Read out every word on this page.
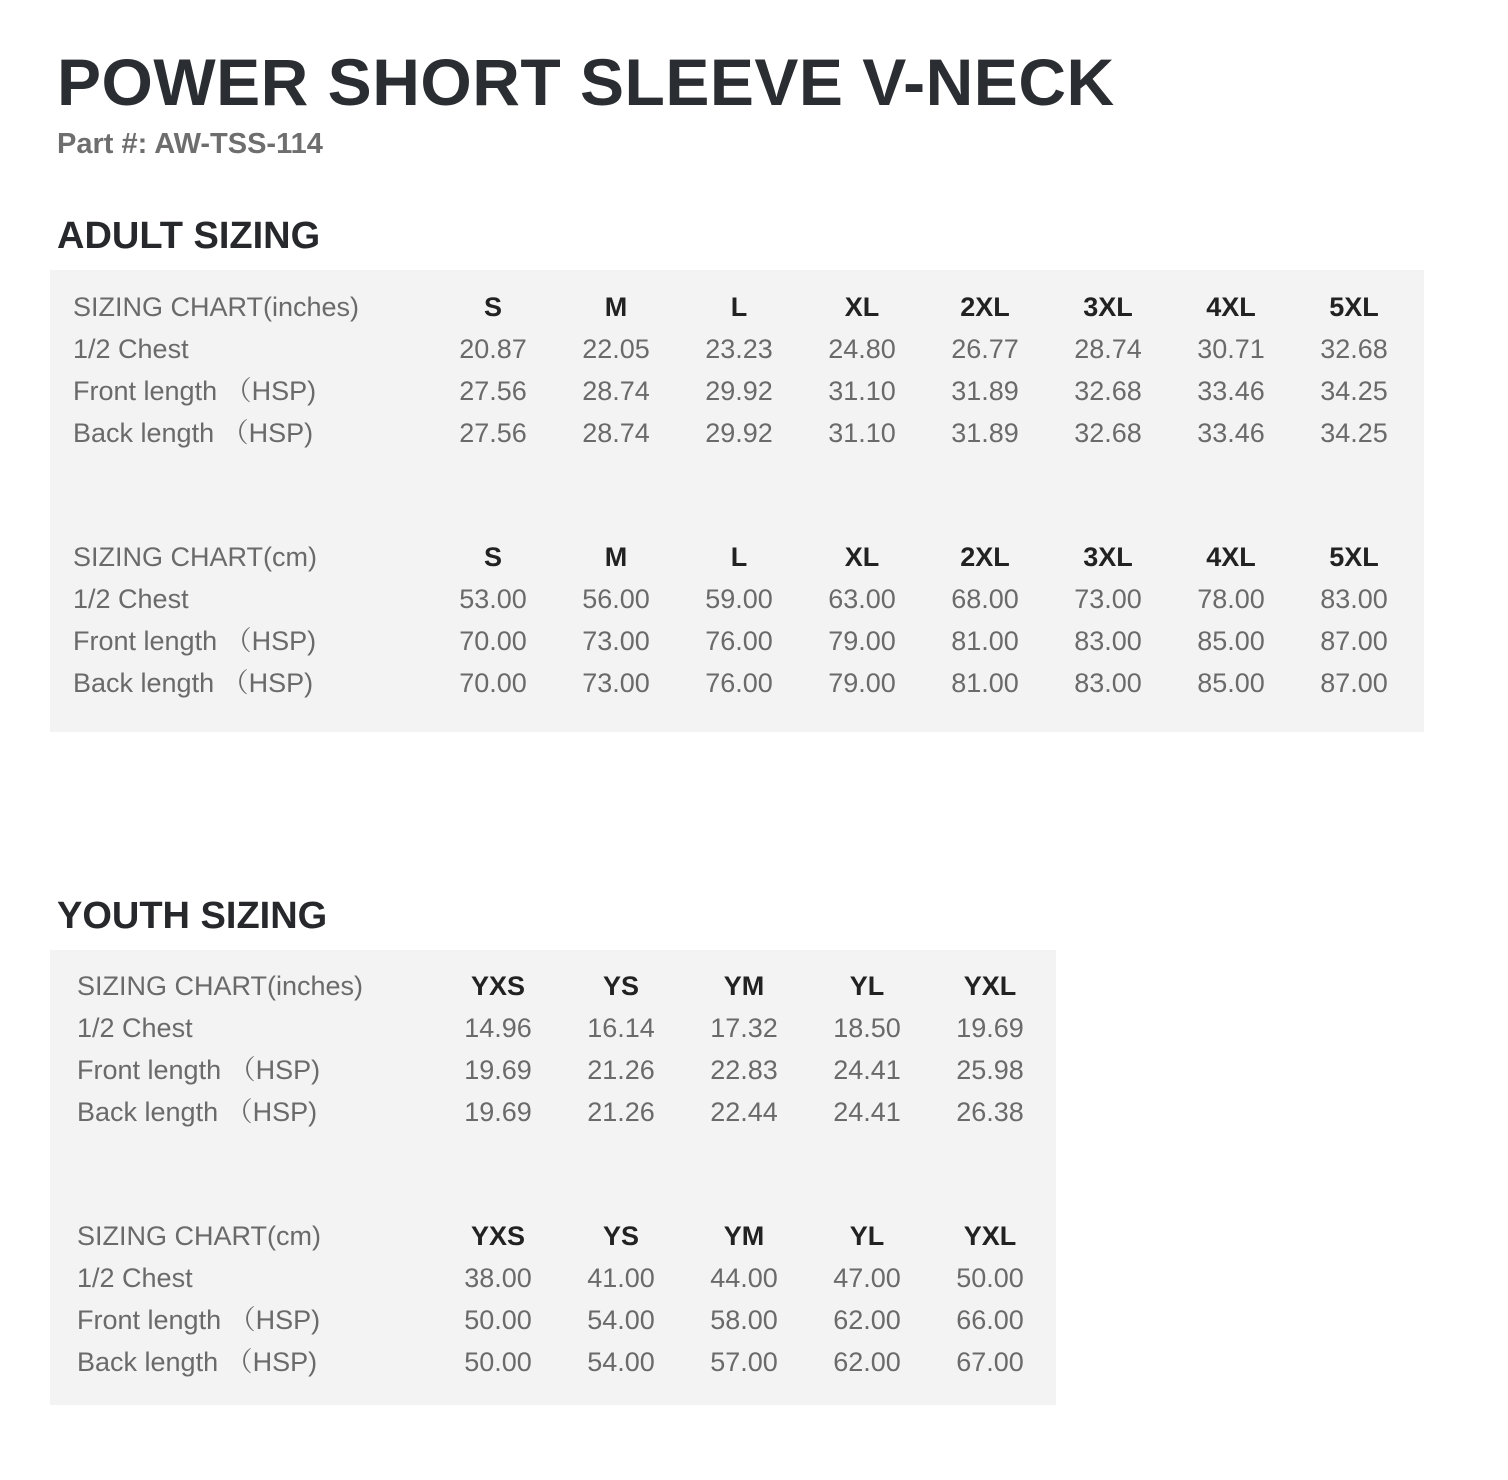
POWER SHORT SLEEVE V-NECK
Part #: AW-TSS-114
ADULT SIZING
SIZING CHART(inches)	S	M	L	XL	2XL	3XL	4XL	5XL
1/2 Chest	20.87	22.05	23.23	24.80	26.77	28.74	30.71	32.68
Front length （HSP)	27.56	28.74	29.92	31.10	31.89	32.68	33.46	34.25
Back length （HSP)	27.56	28.74	29.92	31.10	31.89	32.68	33.46	34.25
SIZING CHART(cm)	S	M	L	XL	2XL	3XL	4XL	5XL
1/2 Chest	53.00	56.00	59.00	63.00	68.00	73.00	78.00	83.00
Front length （HSP)	70.00	73.00	76.00	79.00	81.00	83.00	85.00	87.00
Back length （HSP)	70.00	73.00	76.00	79.00	81.00	83.00	85.00	87.00
YOUTH SIZING
SIZING CHART(inches)	YXS	YS	YM	YL	YXL
1/2 Chest	14.96	16.14	17.32	18.50	19.69
Front length （HSP)	19.69	21.26	22.83	24.41	25.98
Back length （HSP)	19.69	21.26	22.44	24.41	26.38
SIZING CHART(cm)	YXS	YS	YM	YL	YXL
1/2 Chest	38.00	41.00	44.00	47.00	50.00
Front length （HSP)	50.00	54.00	58.00	62.00	66.00
Back length （HSP)	50.00	54.00	57.00	62.00	67.00
